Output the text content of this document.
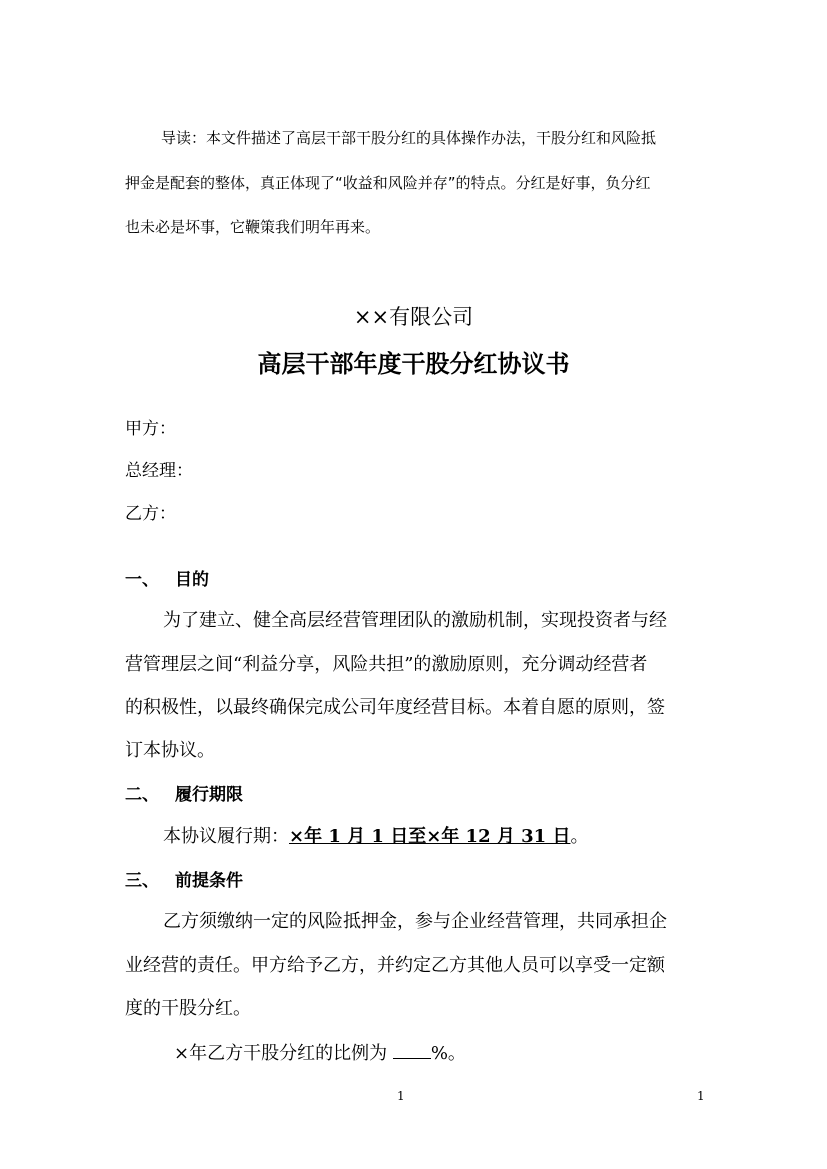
导读：本文件描述了高层干部干股分红的具体操作办法，干股分红和风险抵
押金是配套的整体，真正体现了“收益和风险并存”的特点。分红是好事，负分红
也未必是坏事，它鞭策我们明年再来。
××有限公司
高层干部年度干股分红协议书
甲方：
总经理：
乙方：
一、 目的
为了建立、健全高层经营管理团队的激励机制，实现投资者与经
营管理层之间“利益分享，风险共担”的激励原则，充分调动经营者
的积极性，以最终确保完成公司年度经营目标。本着自愿的原则，签
订本协议。
二、 履行期限
本协议履行期：×年 1 月 1 日至×年 12 月 31 日。
三、 前提条件
乙方须缴纳一定的风险抵押金，参与企业经营管理，共同承担企
业经营的责任。甲方给予乙方，并约定乙方其他人员可以享受一定额
度的干股分红。
×年乙方干股分红的比例为 %。
1	1
